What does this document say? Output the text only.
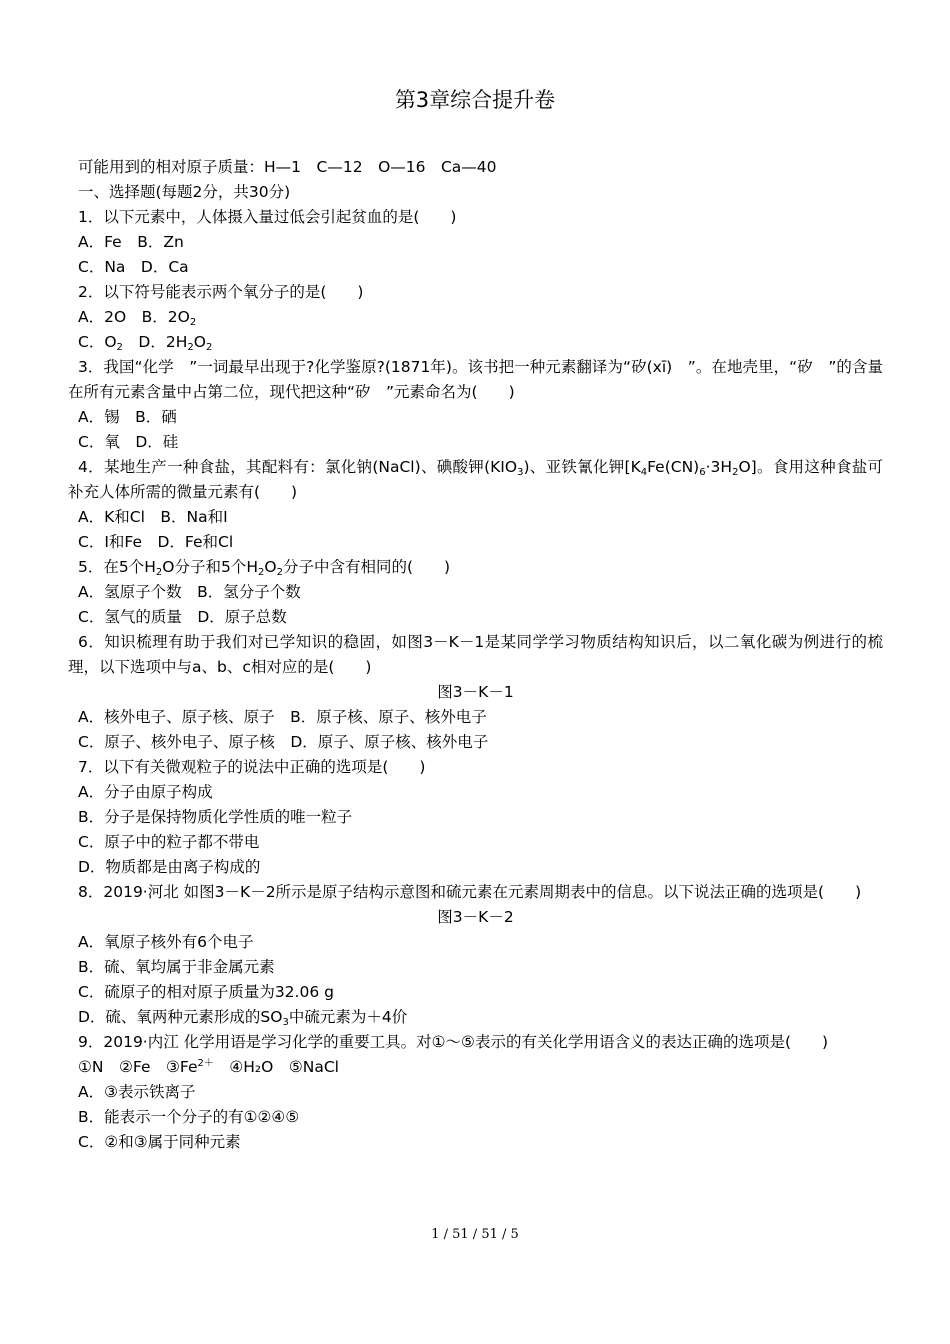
第3章综合提升卷

可能用到的相对原子质量：H—1　C—12　O—16　Ca—40

一、选择题(每题2分，共30分)

1．以下元素中，人体摄入量过低会引起贫血的是(　　)

A．Fe　B．Zn

C．Na　D．Ca

2．以下符号能表示两个氧分子的是(　　)

A．2O　B．$2O_2$

C．$O_2$　D．$2H_2O_2$

3．我国“化学　”一词最早出现于?化学鉴原?(1871年)。该书把一种元素翻译为“矽(xī)　”。在地壳里，“矽　”的含量在所有元素含量中占第二位，现代把这种“矽　”元素命名为(　　)

A．锡　B．硒

C．氧　D．硅

4．某地生产一种食盐，其配料有：氯化钠(NaCl)、碘酸钾$(KIO_3)$、亚铁氰化钾$[K_4Fe(CN)_6\cdot 3H_2O]$。食用这种食盐可补充人体所需的微量元素有(　　)

A．K和Cl　B．Na和I

C．I和Fe　D．Fe和Cl

5．在5个$H_2O$分子和5个$H_2O_2$分子中含有相同的(　　)

A．氢原子个数　B．氢分子个数

C．氢气的质量　D．原子总数

6．知识梳理有助于我们对已学知识的稳固，如图3－K－1是某同学学习物质结构知识后，以二氧化碳为例进行的梳理，以下选项中与a、b、c相对应的是(　　)

图3－K－1

A．核外电子、原子核、原子　B．原子核、原子、核外电子

C．原子、核外电子、原子核　D．原子、原子核、核外电子

7．以下有关微观粒子的说法中正确的选项是(　　)

A．分子由原子构成

B．分子是保持物质化学性质的唯一粒子

C．原子中的粒子都不带电

D．物质都是由离子构成的

8．2019·河北 如图3－K－2所示是原子结构示意图和硫元素在元素周期表中的信息。以下说法正确的选项是(　　)

图3－K－2

A．氧原子核外有6个电子

B．硫、氧均属于非金属元素

C．硫原子的相对原子质量为32.06 g

D．硫、氧两种元素形成的$SO_3$中硫元素为＋4价

9．2019·内江 化学用语是学习化学的重要工具。对①～⑤表示的有关化学用语含义的表达正确的选项是(　　)

①N　②Fe　$③Fe^{2+}$　④H₂O　⑤NaCl

A．③表示铁离子

B．能表示一个分子的有①②④⑤

C．②和③属于同种元素

1 / 51 / 51 / 5
